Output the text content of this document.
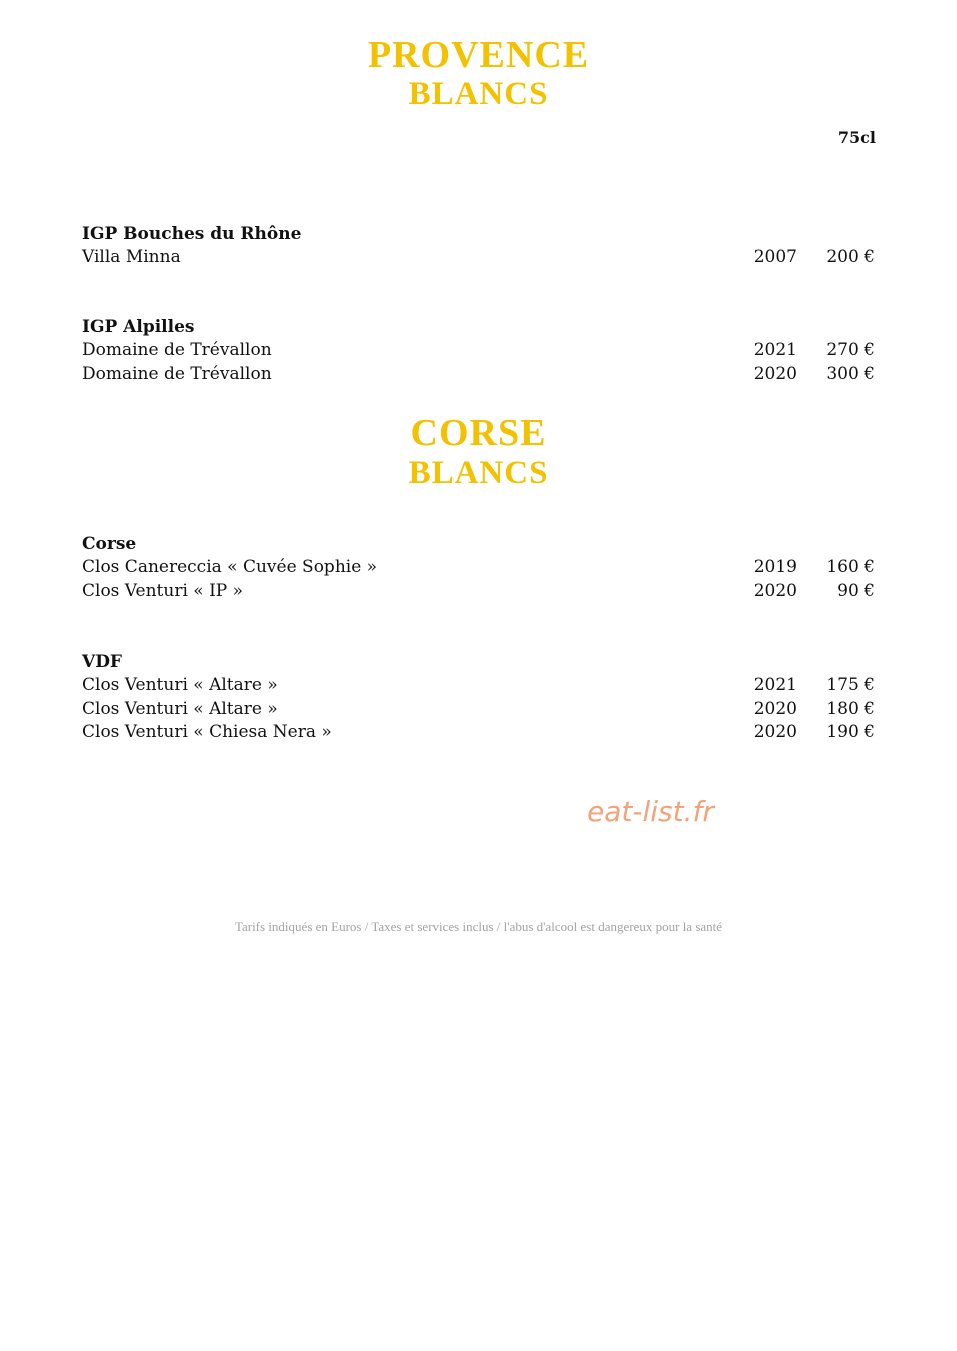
PROVENCE
BLANCS
75cl
IGP Bouches du Rhône
Villa Minna	2007 200 €
IGP Alpilles
Domaine de Trévallon	2021 270 €
Domaine de Trévallon	2020 300 €
CORSE
BLANCS
Corse
Clos Canereccia « Cuvée Sophie »	2019 160 €
Clos Venturi « IP »	2020 90 €
VDF
Clos Venturi « Altare »	2021 175 €
Clos Venturi « Altare »	2020 180 €
Clos Venturi « Chiesa Nera »	2020 190 €
eat-list.fr
Tarifs indiqués en Euros / Taxes et services inclus / l'abus d'alcool est dangereux pour la santé
